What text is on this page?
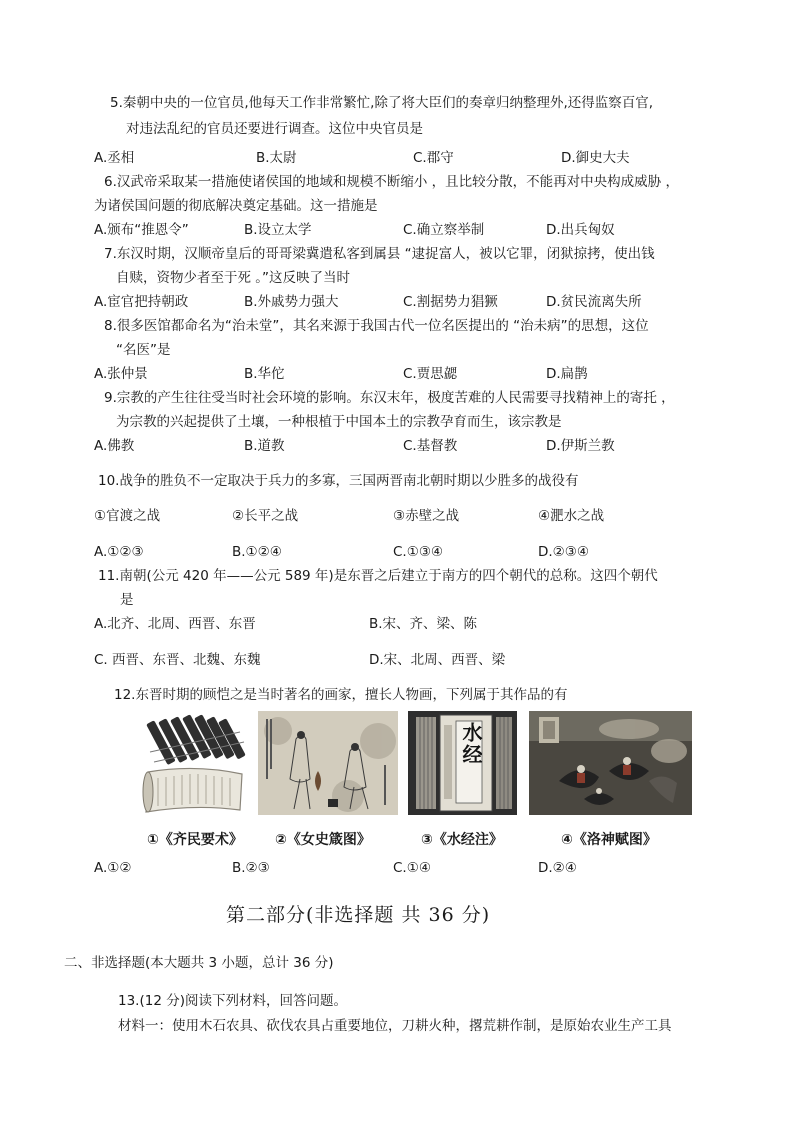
5.秦朝中央的一位官员,他每天工作非常繁忙,除了将大臣们的奏章归纳整理外,还得监察百官,
对违法乱纪的官员还要进行调查。这位中央官员是
A.丞相	B.太尉	C.郡守	D.御史大夫
6.汉武帝采取某一措施使诸侯国的地域和规模不断缩小 ，且比较分散，不能再对中央构成威胁 ，
为诸侯国问题的彻底解决奠定基础。这一措施是
A.颁布“推恩令”	B.设立太学	C.确立察举制	D.出兵匈奴
7.东汉时期，汉顺帝皇后的哥哥梁冀遣私客到属县 “逮捉富人，被以它罪，闭狱掠拷，使出钱
自赎，资物少者至于死 。”这反映了当时
A.宦官把持朝政	B.外戚势力强大	C.割据势力猖獗	D.贫民流离失所
8.很多医馆都命名为“治未堂”，其名来源于我国古代一位名医提出的 “治未病”的思想，这位
“名医”是
A.张仲景	B.华佗	C.贾思勰	D.扁鹊
9.宗教的产生往往受当时社会环境的影响。东汉末年，极度苦难的人民需要寻找精神上的寄托 ，
为宗教的兴起提供了土壤，一种根植于中国本土的宗教孕育而生，该宗教是
A.佛教	B.道教	C.基督教	D.伊斯兰教
10.战争的胜负不一定取决于兵力的多寡，三国两晋南北朝时期以少胜多的战役有
①官渡之战	②长平之战	③赤壁之战	④淝水之战
A.①②③	B.①②④	C.①③④	D.②③④
11.南朝(公元 420 年——公元 589 年)是东晋之后建立于南方的四个朝代的总称。这四个朝代
是
A.北齐、北周、西晋、东晋	B.宋、齐、梁、陈
C. 西晋、东晋、北魏、东魏	D.宋、北周、西晋、梁
12.东晋时期的顾恺之是当时著名的画家，擅长人物画，下列属于其作品的有
水经
①《齐民要术》 ②《女史箴图》	③《水经注》	④《洛神赋图》
A.①②	B.②③	C.①④	D.②④
第二部分(非选择题 共 36 分)
二、非选择题(本大题共 3 小题，总计 36 分)
13.(12 分)阅读下列材料，回答问题。
材料一：使用木石农具、砍伐农具占重要地位，刀耕火种，撂荒耕作制，是原始农业生产工具
